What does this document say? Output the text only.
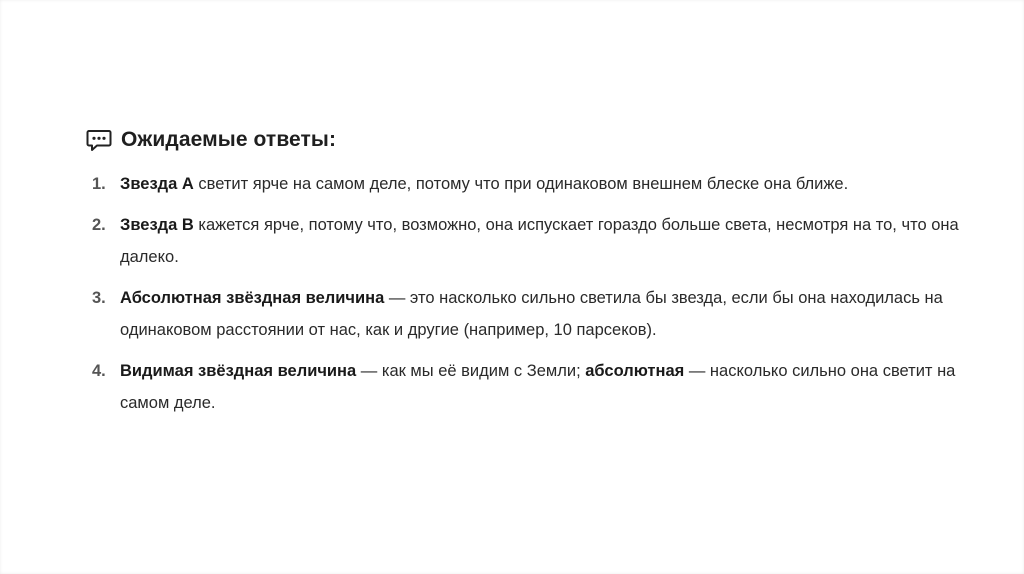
Ожидаемые ответы:
1. Звезда A светит ярче на самом деле, потому что при одинаковом внешнем блеске она ближе.
2. Звезда B кажется ярче, потому что, возможно, она испускает гораздо больше света, несмотря на то, что она далеко.
3. Абсолютная звёздная величина — это насколько сильно светила бы звезда, если бы она находилась на одинаковом расстоянии от нас, как и другие (например, 10 парсеков).
4. Видимая звёздная величина — как мы её видим с Земли; абсолютная — насколько сильно она светит на самом деле.
